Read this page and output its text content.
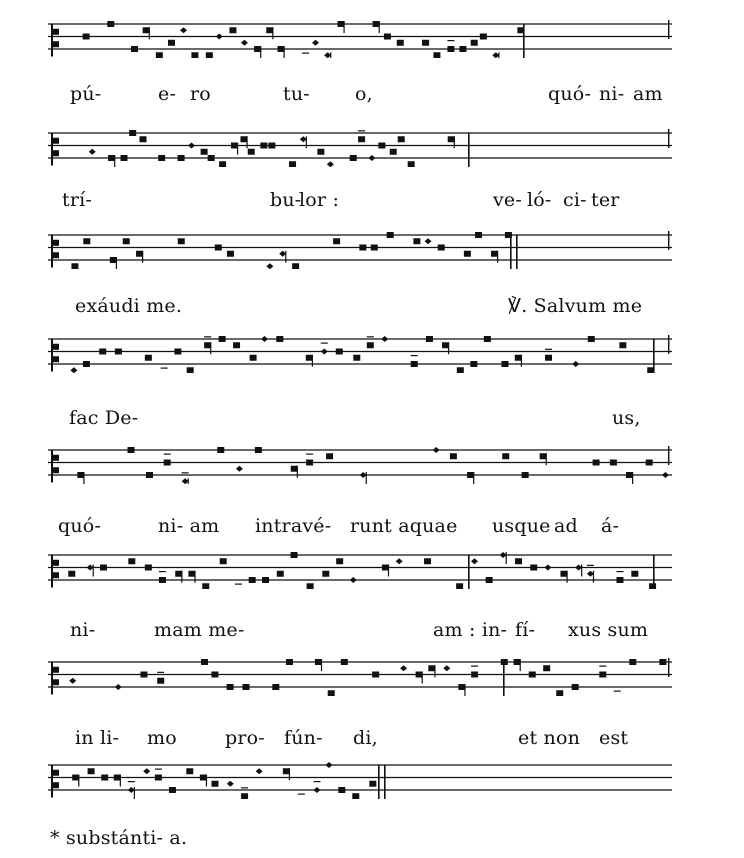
pú-	e- ro	tu- o,	quó- ni- am
trí-	bu-
lor :	ve- ló- ci- ter
exáudi me.	℣. Salvum me
fac De-	us,
quó-	ni- am intravé- runt aquae usque ad á-
ni-	mam me-	am : in- fí- xus sum
in li- mo	pro- fún- di,	et non est
* substánti- a.
